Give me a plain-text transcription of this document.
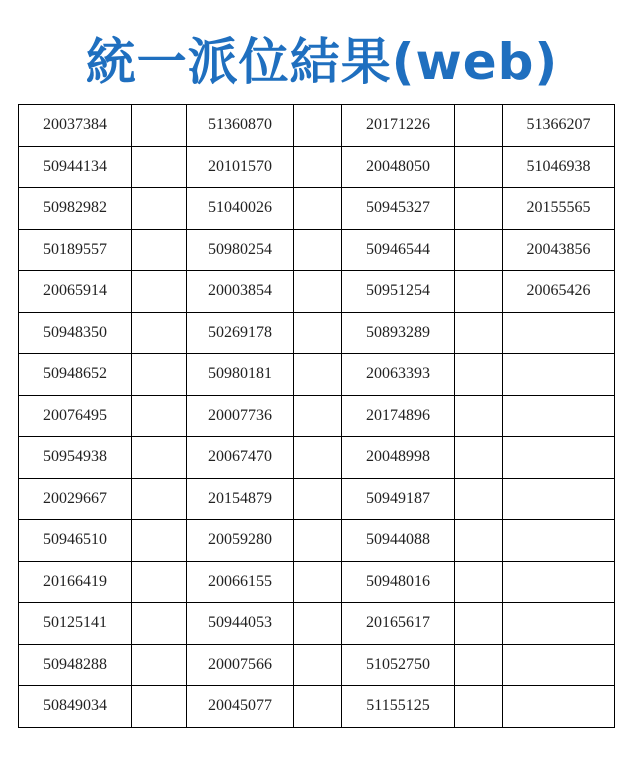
統一派位結果(web)
20037384		51360870		20171226		51366207
50944134		20101570		20048050		51046938
50982982		51040026		50945327		20155565
50189557		50980254		50946544		20043856
20065914		20003854		50951254		20065426
50948350		50269178		50893289		
50948652		50980181		20063393		
20076495		20007736		20174896		
50954938		20067470		20048998		
20029667		20154879		50949187		
50946510		20059280		50944088		
20166419		20066155		50948016		
50125141		50944053		20165617		
50948288		20007566		51052750		
50849034		20045077		51155125		
